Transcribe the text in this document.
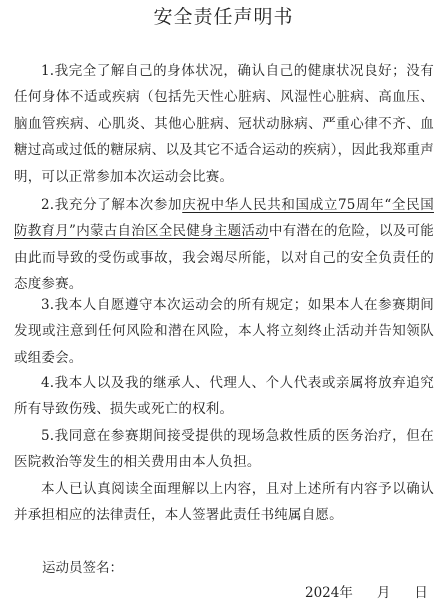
安全责任声明书

1.我完全了解自己的身体状况，确认自己的健康状况良好；没有任何身体不适或疾病（包括先天性心脏病、风湿性心脏病、高血压、脑血管疾病、心肌炎、其他心脏病、冠状动脉病、严重心律不齐、血糖过高或过低的糖尿病、以及其它不适合运动的疾病），因此我郑重声明，可以正常参加本次运动会比赛。

2.我充分了解本次参加庆祝中华人民共和国成立75周年“全民国防教育月”内蒙古自治区全民健身主题活动中有潜在的危险，以及可能由此而导致的受伤或事故，我会竭尽所能，以对自己的安全负责任的态度参赛。

3.我本人自愿遵守本次运动会的所有规定；如果本人在参赛期间发现或注意到任何风险和潜在风险，本人将立刻终止活动并告知领队或组委会。

4.我本人以及我的继承人、代理人、个人代表或亲属将放弃追究所有导致伤残、损失或死亡的权利。

5.我同意在参赛期间接受提供的现场急救性质的医务治疗，但在医院救治等发生的相关费用由本人负担。

本人已认真阅读全面理解以上内容，且对上述所有内容予以确认并承担相应的法律责任，本人签署此责任书纯属自愿。

运动员签名：

2024年 月 日
